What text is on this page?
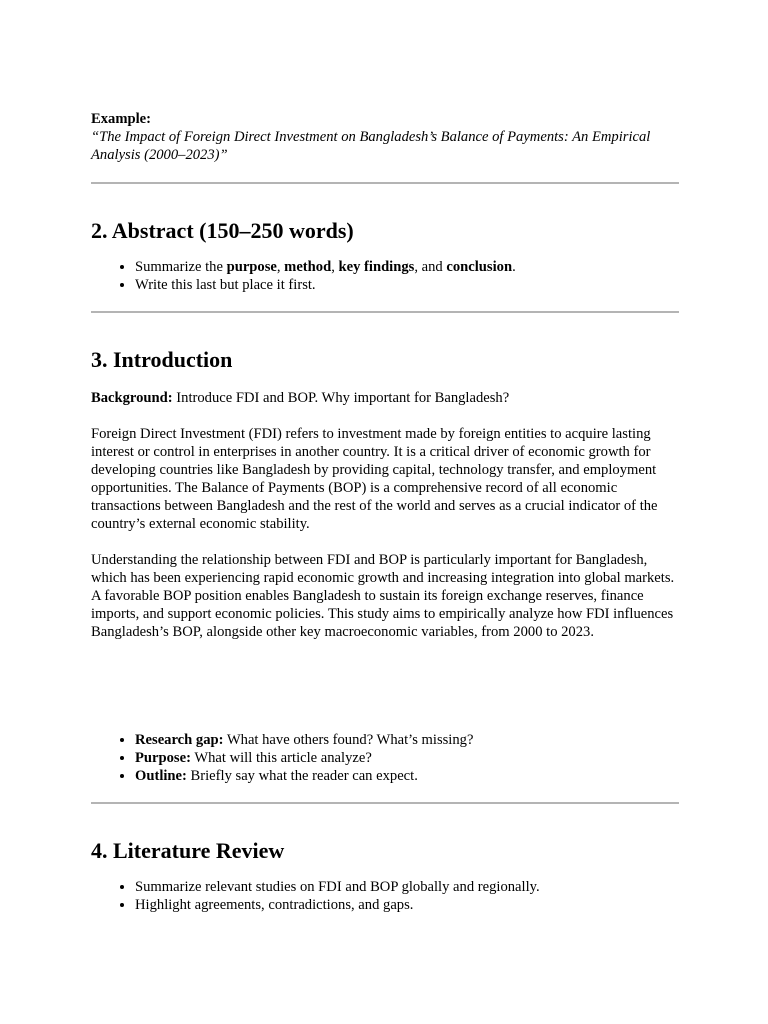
Example:

“The Impact of Foreign Direct Investment on Bangladesh’s Balance of Payments: An Empirical Analysis (2000–2023)”

2. Abstract (150–250 words)
• Summarize the purpose, method, key findings, and conclusion.
• Write this last but place it first.
3. Introduction

Background: Introduce FDI and BOP. Why important for Bangladesh?

Foreign Direct Investment (FDI) refers to investment made by foreign entities to acquire lasting interest or control in enterprises in another country. It is a critical driver of economic growth for developing countries like Bangladesh by providing capital, technology transfer, and employment opportunities. The Balance of Payments (BOP) is a comprehensive record of all economic transactions between Bangladesh and the rest of the world and serves as a crucial indicator of the country’s external economic stability.

Understanding the relationship between FDI and BOP is particularly important for Bangladesh, which has been experiencing rapid economic growth and increasing integration into global markets. A favorable BOP position enables Bangladesh to sustain its foreign exchange reserves, finance imports, and support economic policies. This study aims to empirically analyze how FDI influences Bangladesh’s BOP, alongside other key macroeconomic variables, from 2000 to 2023.

• Research gap: What have others found? What’s missing?
• Purpose: What will this article analyze?
• Outline: Briefly say what the reader can expect.
4. Literature Review
• Summarize relevant studies on FDI and BOP globally and regionally.
• Highlight agreements, contradictions, and gaps.
